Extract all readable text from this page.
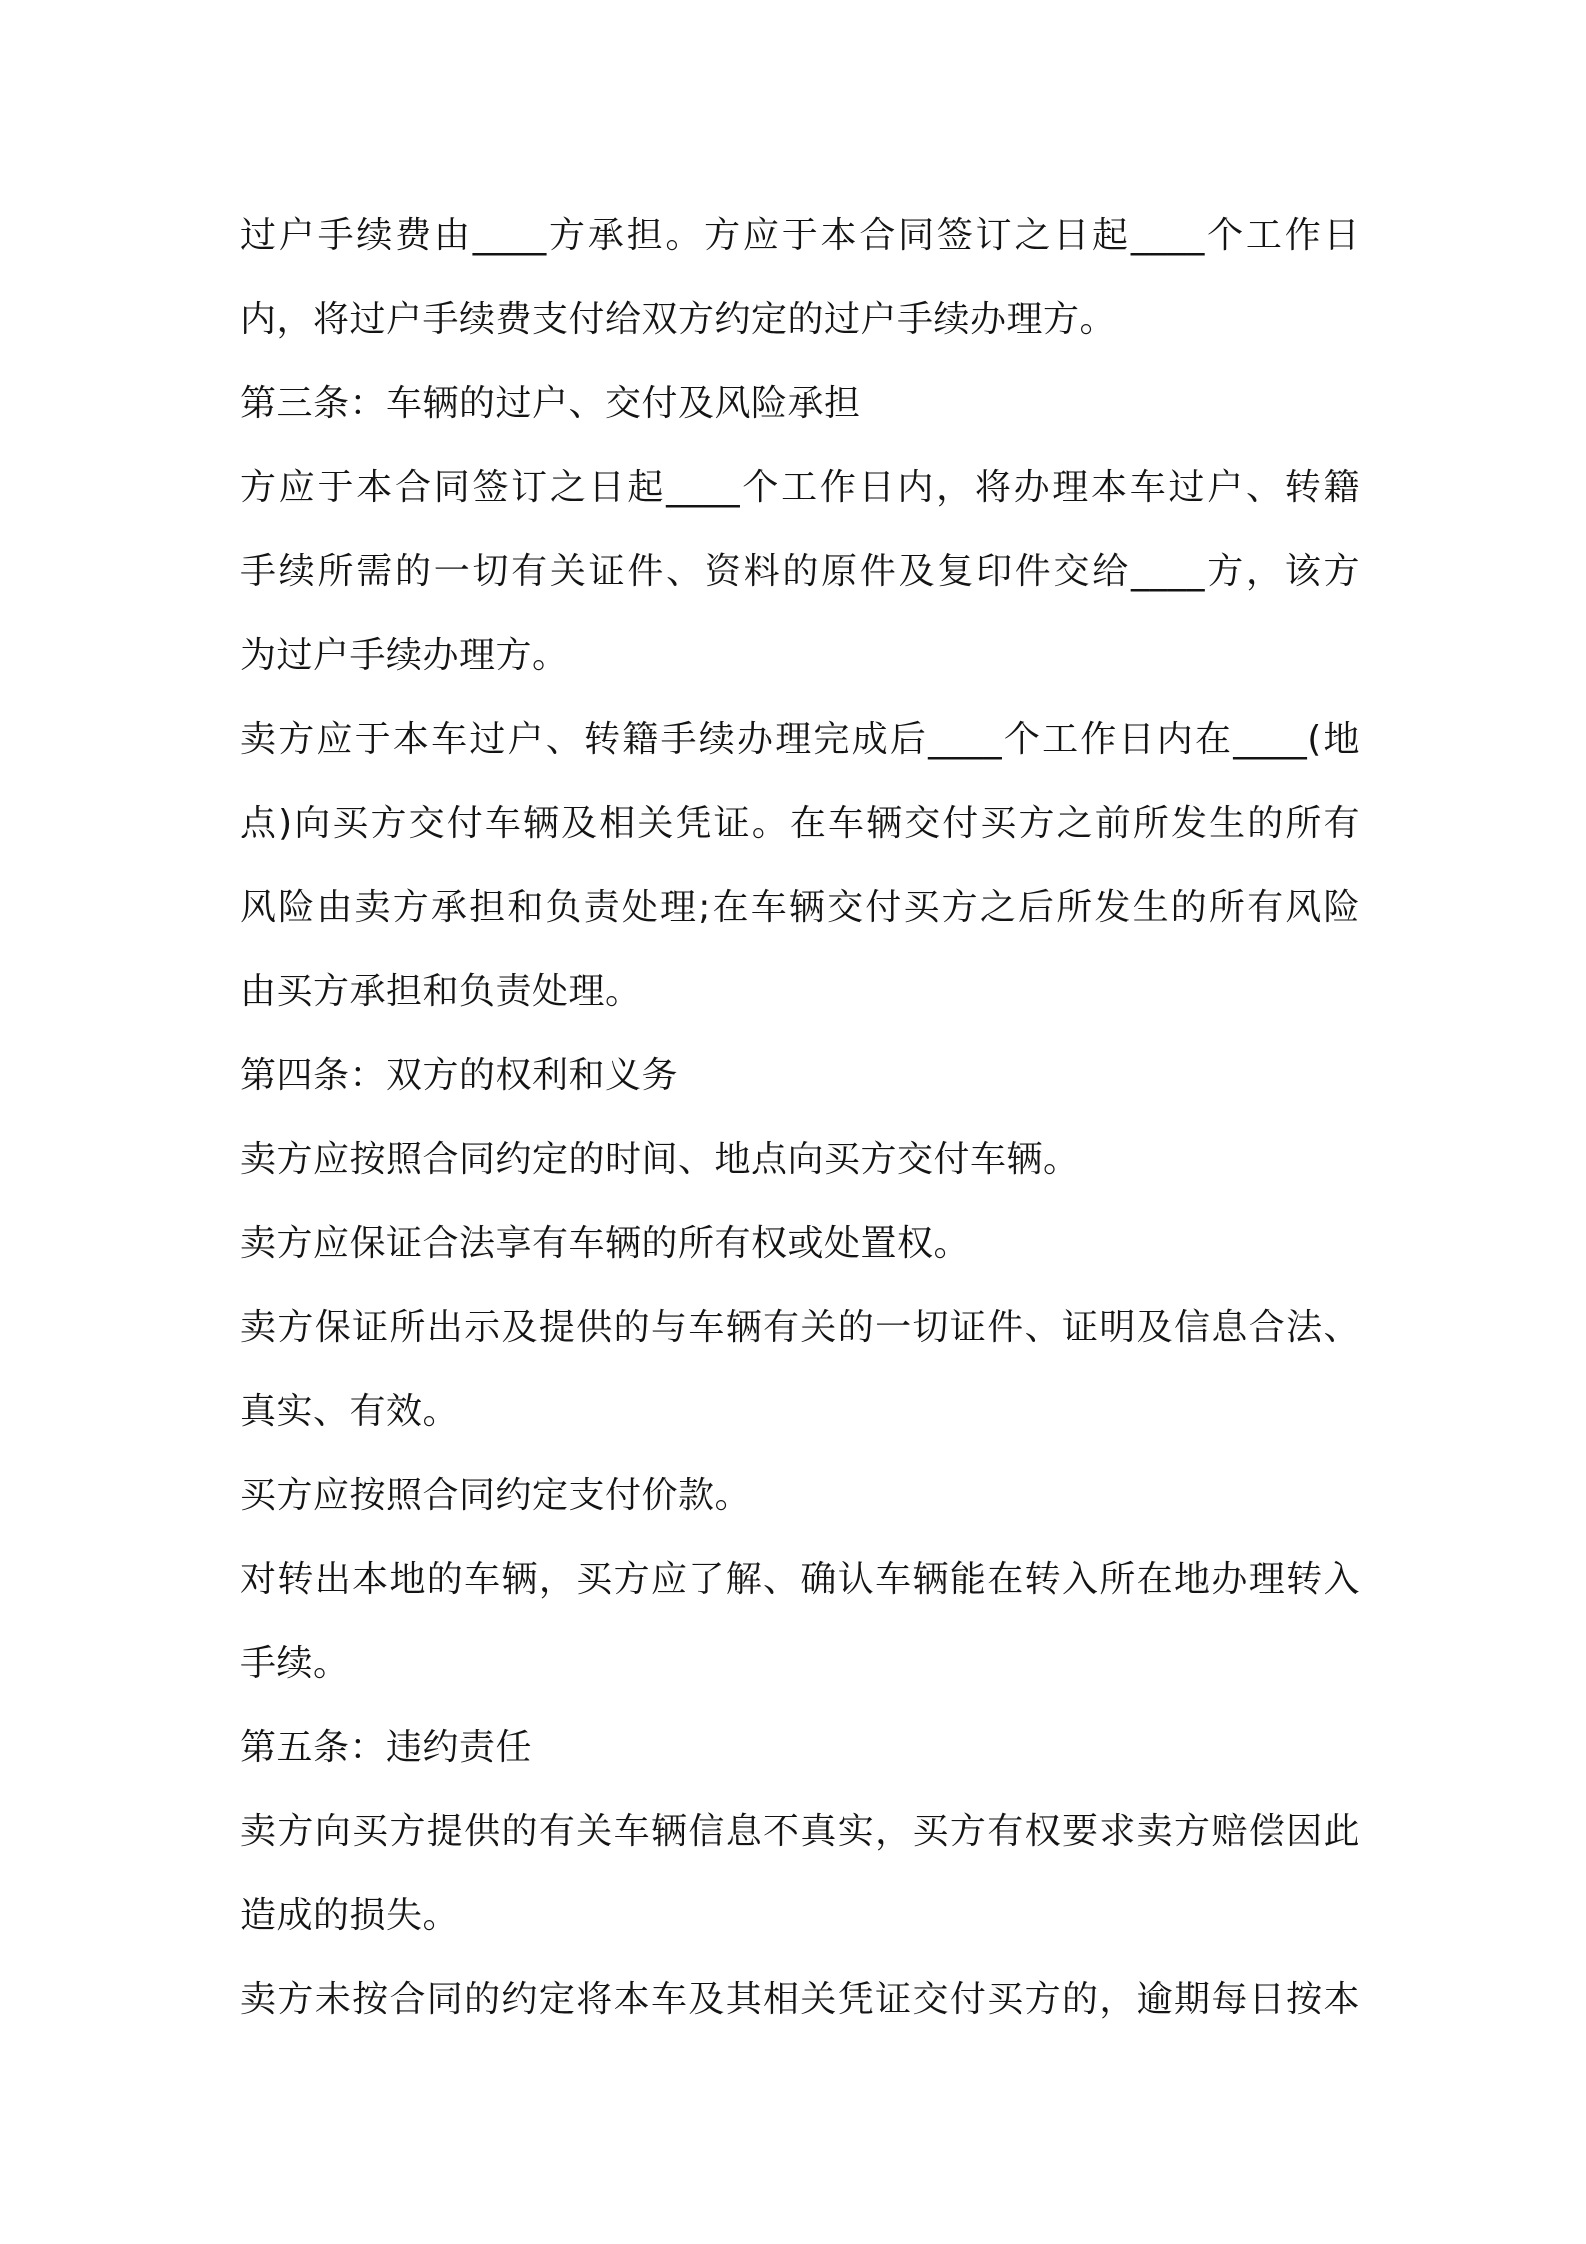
过户手续费由____方承担。方应于本合同签订之日起____个工作日
内，将过户手续费支付给双方约定的过户手续办理方。
第三条：车辆的过户、交付及风险承担
方应于本合同签订之日起____个工作日内，将办理本车过户、转籍
手续所需的一切有关证件、资料的原件及复印件交给____方，该方
为过户手续办理方。
卖方应于本车过户、转籍手续办理完成后____个工作日内在____(地
点)向买方交付车辆及相关凭证。在车辆交付买方之前所发生的所有
风险由卖方承担和负责处理;在车辆交付买方之后所发生的所有风险
由买方承担和负责处理。
第四条：双方的权利和义务
卖方应按照合同约定的时间、地点向买方交付车辆。
卖方应保证合法享有车辆的所有权或处置权。
卖方保证所出示及提供的与车辆有关的一切证件、证明及信息合法、
真实、有效。
买方应按照合同约定支付价款。
对转出本地的车辆，买方应了解、确认车辆能在转入所在地办理转入
手续。
第五条：违约责任
卖方向买方提供的有关车辆信息不真实，买方有权要求卖方赔偿因此
造成的损失。
卖方未按合同的约定将本车及其相关凭证交付买方的，逾期每日按本
